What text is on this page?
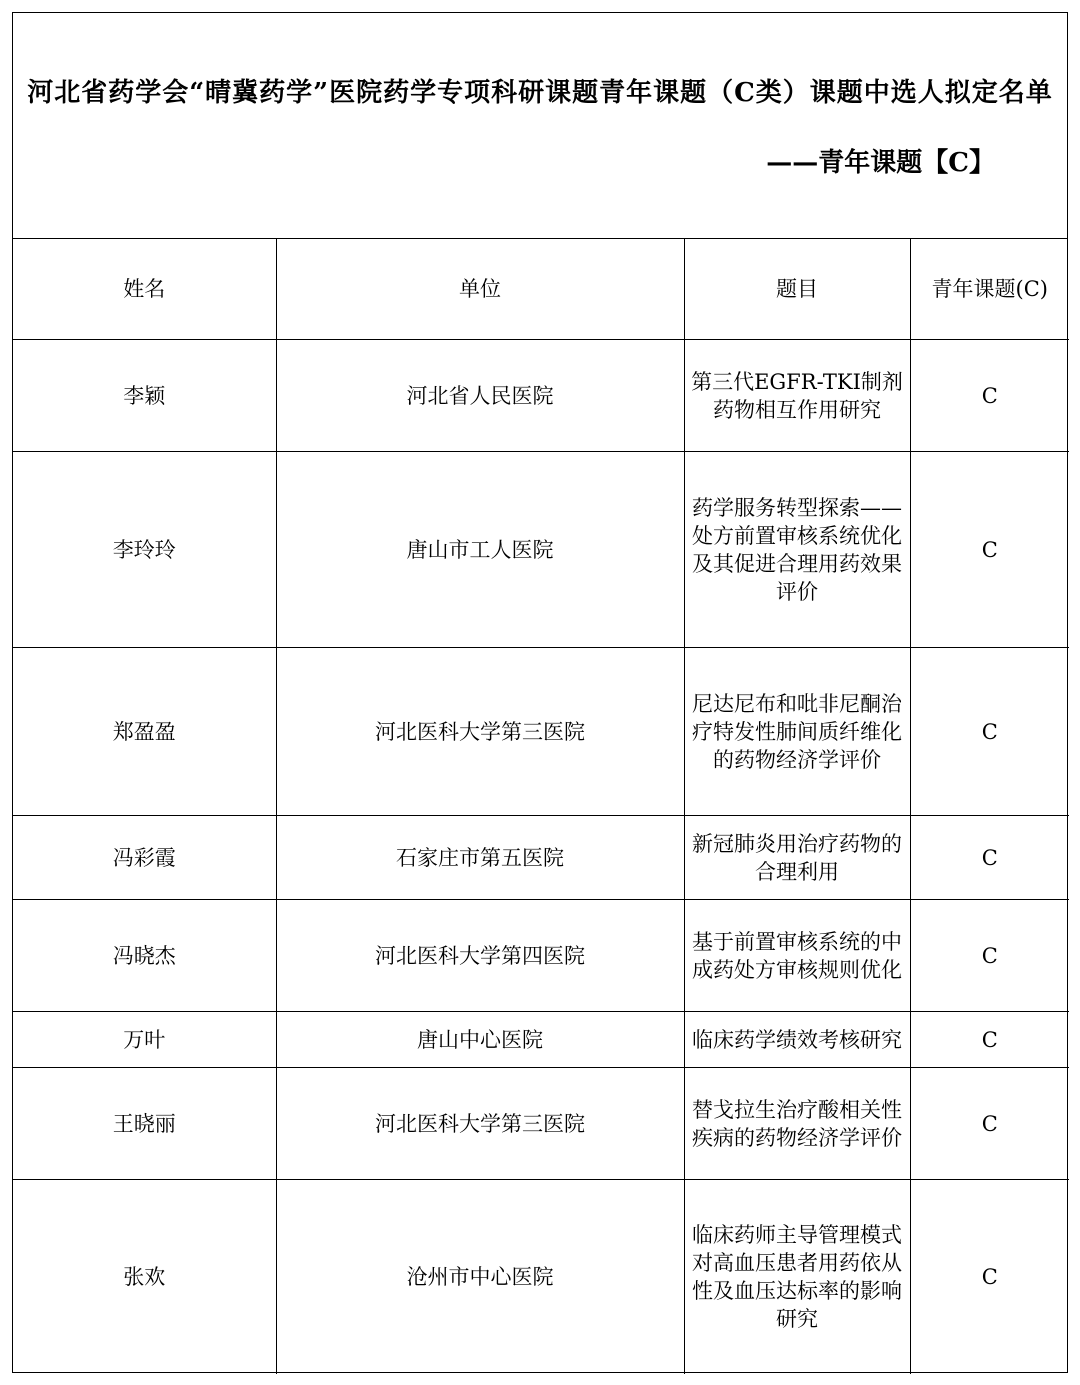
河北省药学会“晴冀药学”医院药学专项科研课题青年课题（C类）课题中选人拟定名单
——青年课题【C】
姓名	单位	题目	青年课题(C)
李颖	河北省人民医院	第三代EGFR-TKI制剂药物相互作用研究	C
李玲玲	唐山市工人医院	药学服务转型探索——处方前置审核系统优化及其促进合理用药效果评价	C
郑盈盈	河北医科大学第三医院	尼达尼布和吡非尼酮治疗特发性肺间质纤维化的药物经济学评价	C
冯彩霞	石家庄市第五医院	新冠肺炎用治疗药物的合理利用	C
冯晓杰	河北医科大学第四医院	基于前置审核系统的中成药处方审核规则优化	C
万叶	唐山中心医院	临床药学绩效考核研究	C
王晓丽	河北医科大学第三医院	替戈拉生治疗酸相关性疾病的药物经济学评价	C
张欢	沧州市中心医院	临床药师主导管理模式对高血压患者用药依从性及血压达标率的影响研究	C
